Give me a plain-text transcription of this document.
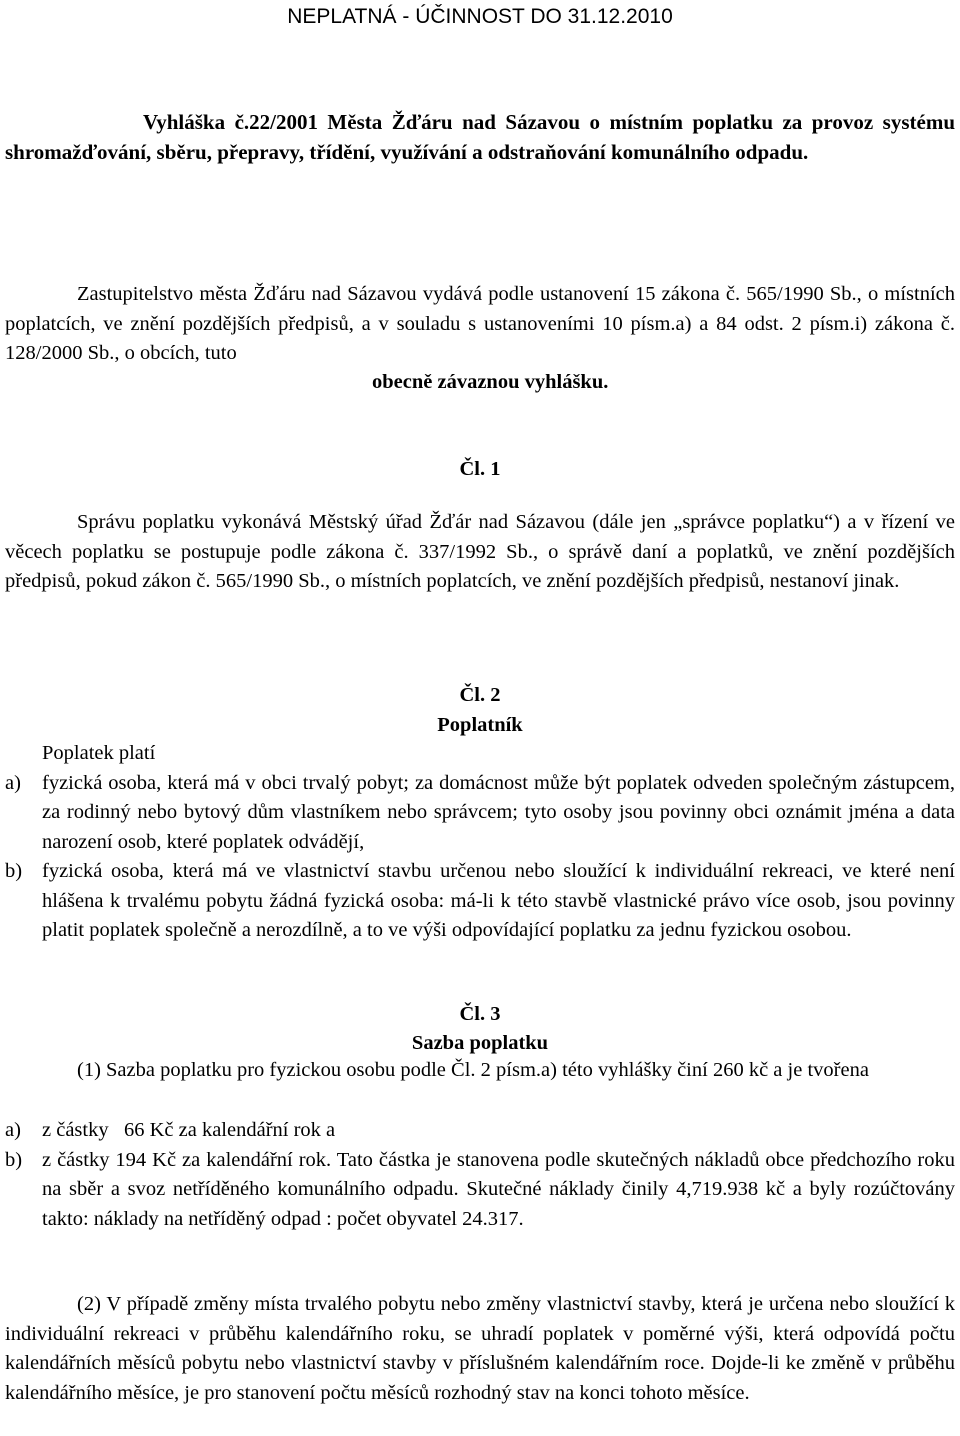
NEPLATNÁ - ÚČINNOST DO 31.12.2010
Vyhláška č.22/2001 Města Žďáru nad Sázavou o místním poplatku za provoz systému shromažďování, sběru, přepravy, třídění, využívání a odstraňování komunálního odpadu.
Zastupitelstvo města Žďáru nad Sázavou vydává podle ustanovení 15 zákona č. 565/1990 Sb., o místních poplatcích, ve znění pozdějších předpisů, a v souladu s ustanoveními 10 písm.a) a 84 odst. 2 písm.i) zákona č. 128/2000 Sb., o obcích, tuto
obecně závaznou vyhlášku.
Čl. 1
Správu poplatku vykonává Městský úřad Žďár nad Sázavou (dále jen „správce poplatku“) a v řízení ve věcech poplatku se postupuje podle zákona č. 337/1992 Sb., o správě daní a poplatků, ve znění pozdějších předpisů, pokud zákon č. 565/1990 Sb., o místních poplatcích, ve znění pozdějších předpisů, nestanoví jinak.
Čl. 2
Poplatník
Poplatek platí
a) fyzická osoba, která má v obci trvalý pobyt; za domácnost může být poplatek odveden společným zástupcem, za rodinný nebo bytový dům vlastníkem nebo správcem; tyto osoby jsou povinny obci oznámit jména a data narození osob, které poplatek odvádějí,
b) fyzická osoba, která má ve vlastnictví stavbu určenou nebo sloužící k individuální rekreaci, ve které není hlášena k trvalému pobytu žádná fyzická osoba: má-li k této stavbě vlastnické právo více osob, jsou povinny platit poplatek společně a nerozdílně, a to ve výši odpovídající poplatku za jednu fyzickou osobou.
Čl. 3
Sazba poplatku
(1) Sazba poplatku pro fyzickou osobu podle Čl. 2 písm.a) této vyhlášky činí 260 kč a je tvořena
a) z částky   66 Kč za kalendářní rok a
b) z částky 194 Kč za kalendářní rok. Tato částka je stanovena podle skutečných nákladů obce předchozího roku na sběr a svoz netříděného komunálního odpadu. Skutečné náklady činily 4,719.938 kč a byly rozúčtovány takto: náklady na netříděný odpad : počet obyvatel 24.317.
(2) V případě změny místa trvalého pobytu nebo změny vlastnictví stavby, která je určena nebo sloužící k individuální rekreaci v průběhu kalendářního roku, se uhradí poplatek v poměrné výši, která odpovídá počtu kalendářních měsíců pobytu nebo vlastnictví stavby v příslušném kalendářním roce. Dojde-li ke změně v průběhu kalendářního měsíce, je pro stanovení počtu měsíců rozhodný stav na konci tohoto měsíce.
